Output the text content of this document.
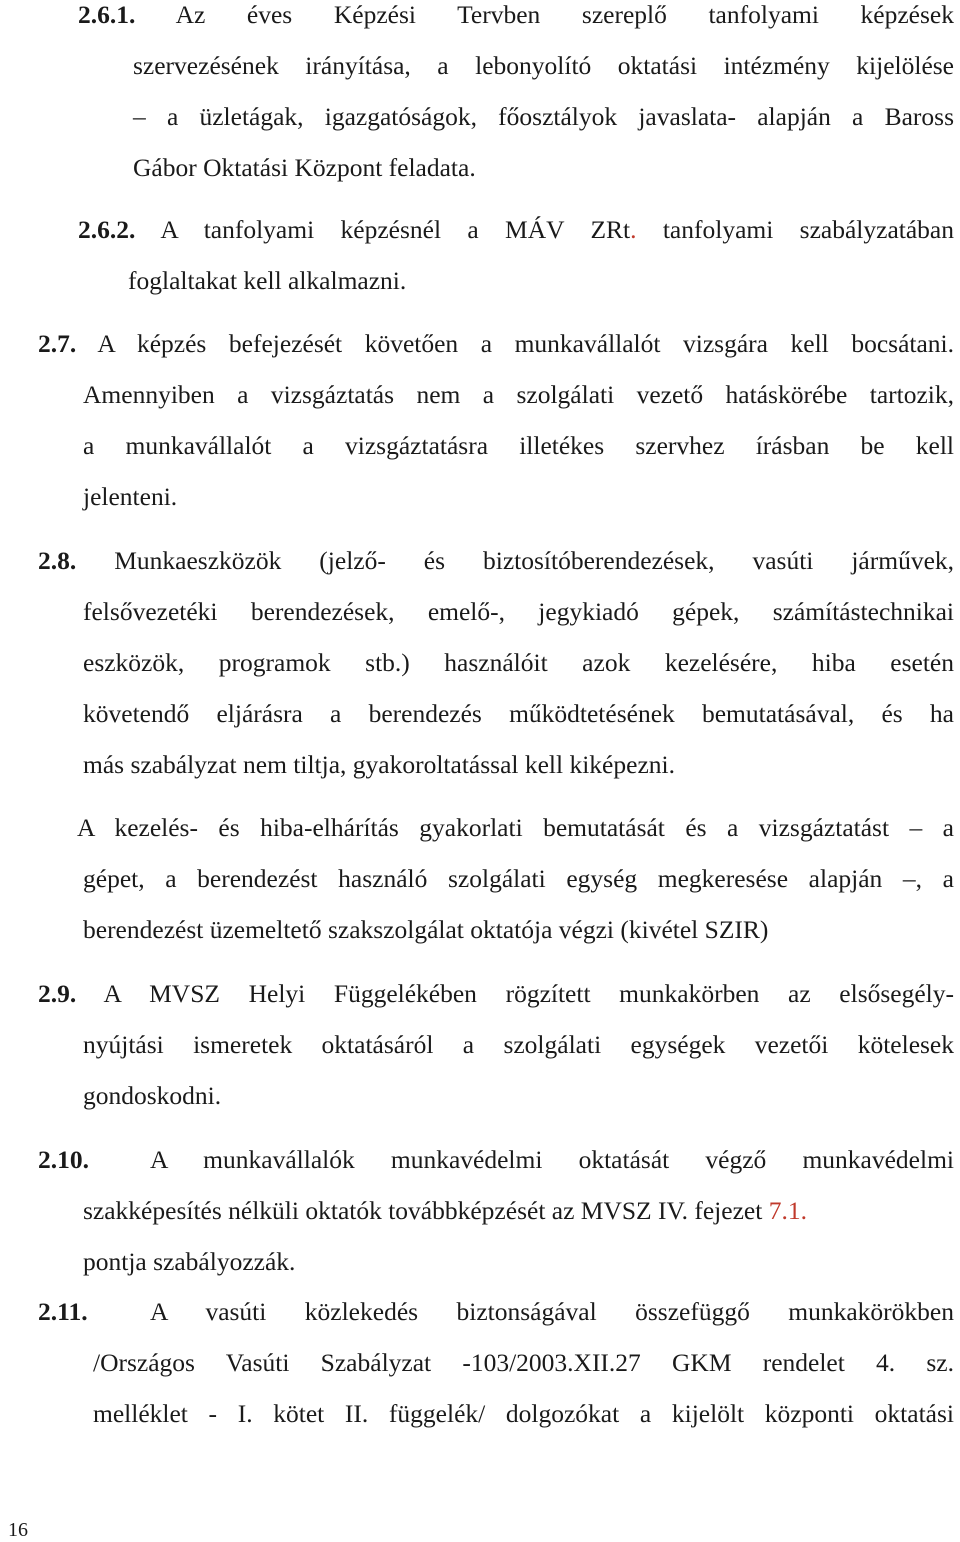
2.6.1. Az éves Képzési Tervben szereplő tanfolyami képzések
szervezésének irányítása, a lebonyolító oktatási intézmény kijelölése
– a üzletágak, igazgatóságok, főosztályok javaslata- alapján a Baross
Gábor Oktatási Központ feladata.
2.6.2. A tanfolyami képzésnél a MÁV ZRt. tanfolyami szabályzatában
foglaltakat kell alkalmazni.
2.7. A képzés befejezését követően a munkavállalót vizsgára kell bocsátani.
Amennyiben a vizsgáztatás nem a szolgálati vezető hatáskörébe tartozik,
a munkavállalót a vizsgáztatásra illetékes szervhez írásban be kell
jelenteni.
2.8. Munkaeszközök (jelző- és biztosítóberendezések, vasúti járművek,
felsővezetéki berendezések, emelő-, jegykiadó gépek, számítástechnikai
eszközök, programok stb.) használóit azok kezelésére, hiba esetén
követendő eljárásra a berendezés működtetésének bemutatásával, és ha
más szabályzat nem tiltja, gyakoroltatással kell kiképezni.
A kezelés- és hiba-elhárítás gyakorlati bemutatását és a vizsgáztatást – a
gépet, a berendezést használó szolgálati egység megkeresése alapján –, a
berendezést üzemeltető szakszolgálat oktatója végzi (kivétel SZIR)
2.9. A MVSZ Helyi Függelékében rögzített munkakörben az elsősegély-
nyújtási ismeretek oktatásáról a szolgálati egységek vezetői kötelesek
gondoskodni.
2.10. A munkavállalók munkavédelmi oktatását végző munkavédelmi
szakképesítés nélküli oktatók továbbképzését az MVSZ IV. fejezet 7.1.
pontja szabályozzák.
2.11. A vasúti közlekedés biztonságával összefüggő munkakörökben
/Országos Vasúti Szabályzat -103/2003.XII.27 GKM rendelet 4. sz.
melléklet - I. kötet II. függelék/ dolgozókat a kijelölt központi oktatási
16
